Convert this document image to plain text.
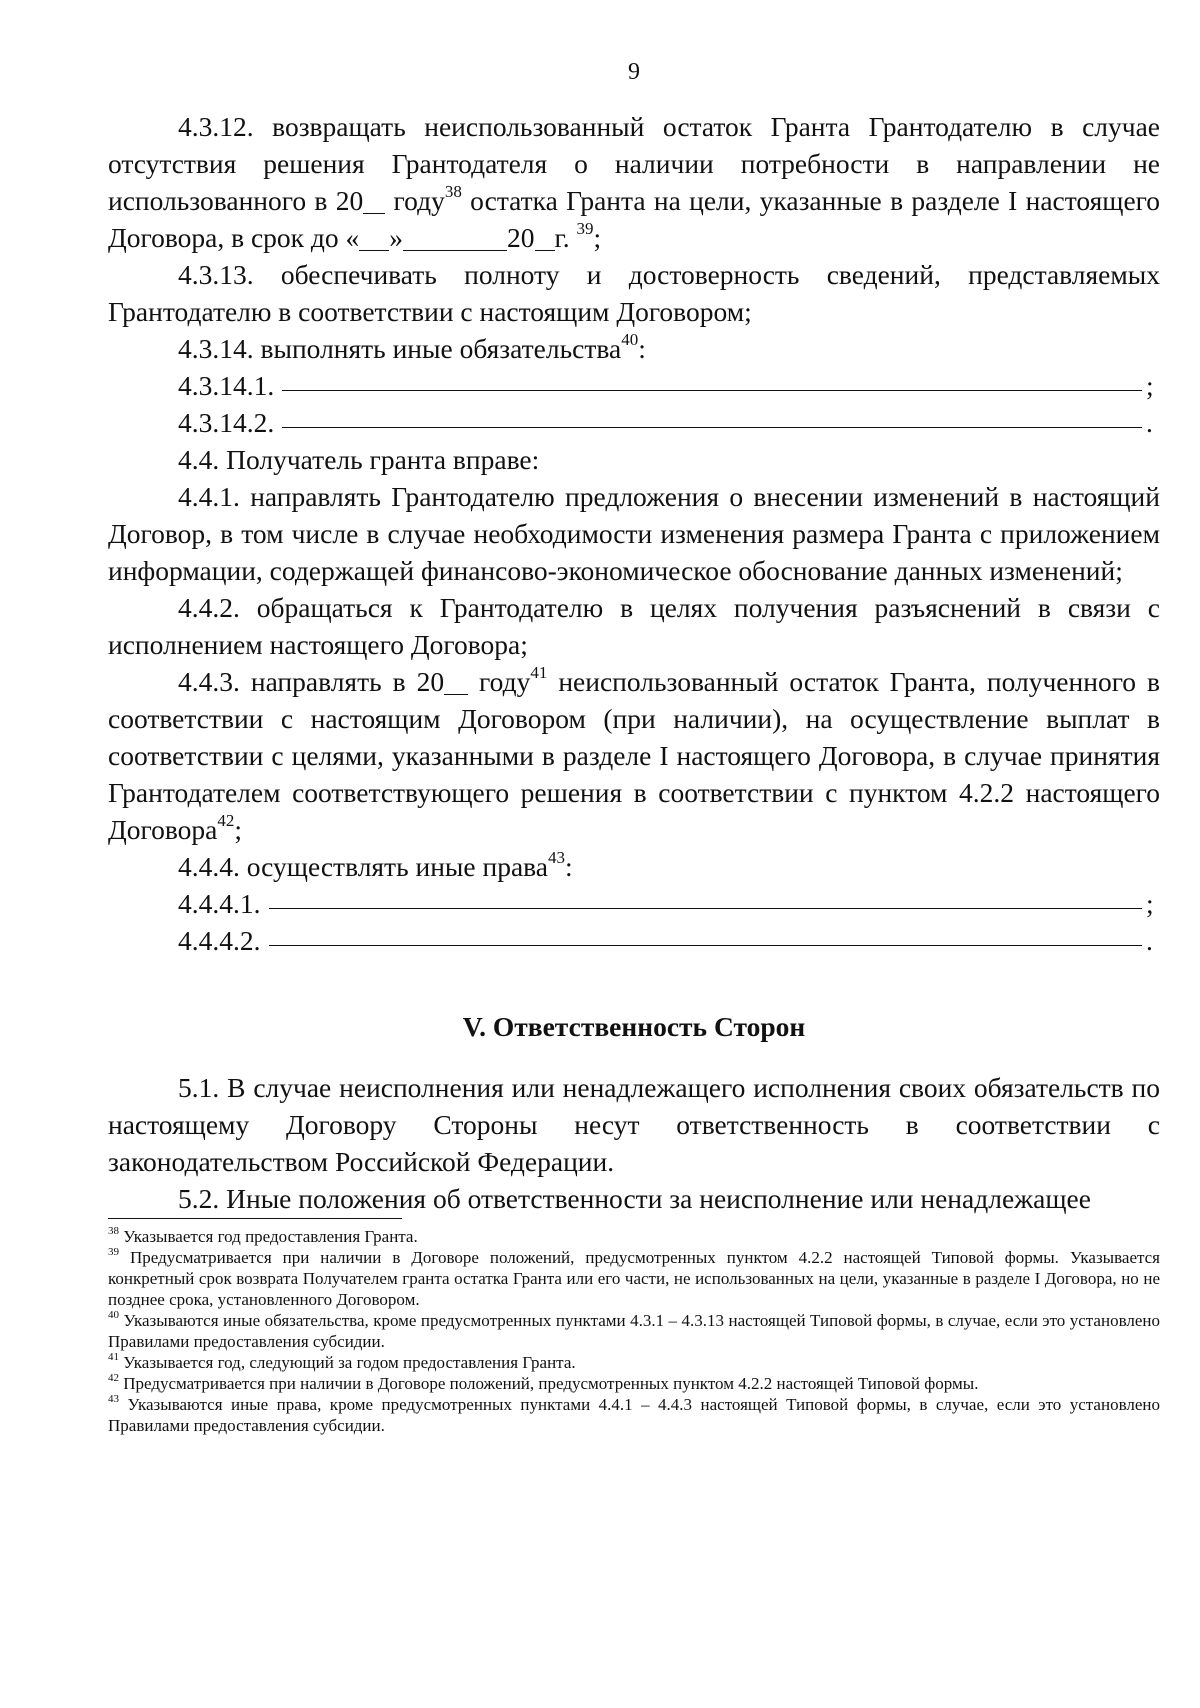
9

4.3.12. возвращать неиспользованный остаток Гранта Грантодателю в случае отсутствия решения Грантодателя о наличии потребности в направлении не использованного в 20 году$^{38}$ остатка Гранта на цели, указанные в разделе I настоящего Договора, в срок до « »	20 г. $^{39}$;

4.3.13. обеспечивать полноту и достоверность сведений, представляемых Грантодателю в соответствии с настоящим Договором;

4.3.14. выполнять иные обязательства$^{40}$:

4.3.14.1.	;
4.3.14.2.	.

4.4. Получатель гранта вправе:

4.4.1. направлять Грантодателю предложения о внесении изменений в настоящий Договор, в том числе в случае необходимости изменения размера Гранта с приложением информации, содержащей финансово-экономическое обоснование данных изменений;

4.4.2. обращаться к Грантодателю в целях получения разъяснений в связи с исполнением настоящего Договора;

4.4.3. направлять в 20 году$^{41}$ неиспользованный остаток Гранта, полученного в соответствии с настоящим Договором (при наличии), на осуществление выплат в соответствии с целями, указанными в разделе I настоящего Договора, в случае принятия Грантодателем соответствующего решения в соответствии с пунктом 4.2.2 настоящего Договора$^{42}$;

4.4.4. осуществлять иные права$^{43}$:

4.4.4.1.	;
4.4.4.2.	.

V. Ответственность Сторон

5.1. В случае неисполнения или ненадлежащего исполнения своих обязательств по настоящему Договору Стороны несут ответственность в соответствии с законодательством Российской Федерации.

5.2. Иные положения об ответственности за неисполнение или ненадлежащее

$^{38}$ Указывается год предоставления Гранта.

$^{39}$ Предусматривается при наличии в Договоре положений, предусмотренных пунктом 4.2.2 настоящей Типовой формы. Указывается конкретный срок возврата Получателем гранта остатка Гранта или его части, не использованных на цели, указанные в разделе I Договора, но не позднее срока, установленного Договором.

$^{40}$ Указываются иные обязательства, кроме предусмотренных пунктами 4.3.1 – 4.3.13 настоящей Типовой формы, в случае, если это установлено Правилами предоставления субсидии.

$^{41}$ Указывается год, следующий за годом предоставления Гранта.

$^{42}$ Предусматривается при наличии в Договоре положений, предусмотренных пунктом 4.2.2 настоящей Типовой формы.

$^{43}$ Указываются иные права, кроме предусмотренных пунктами 4.4.1 – 4.4.3 настоящей Типовой формы, в случае, если это установлено Правилами предоставления субсидии.
